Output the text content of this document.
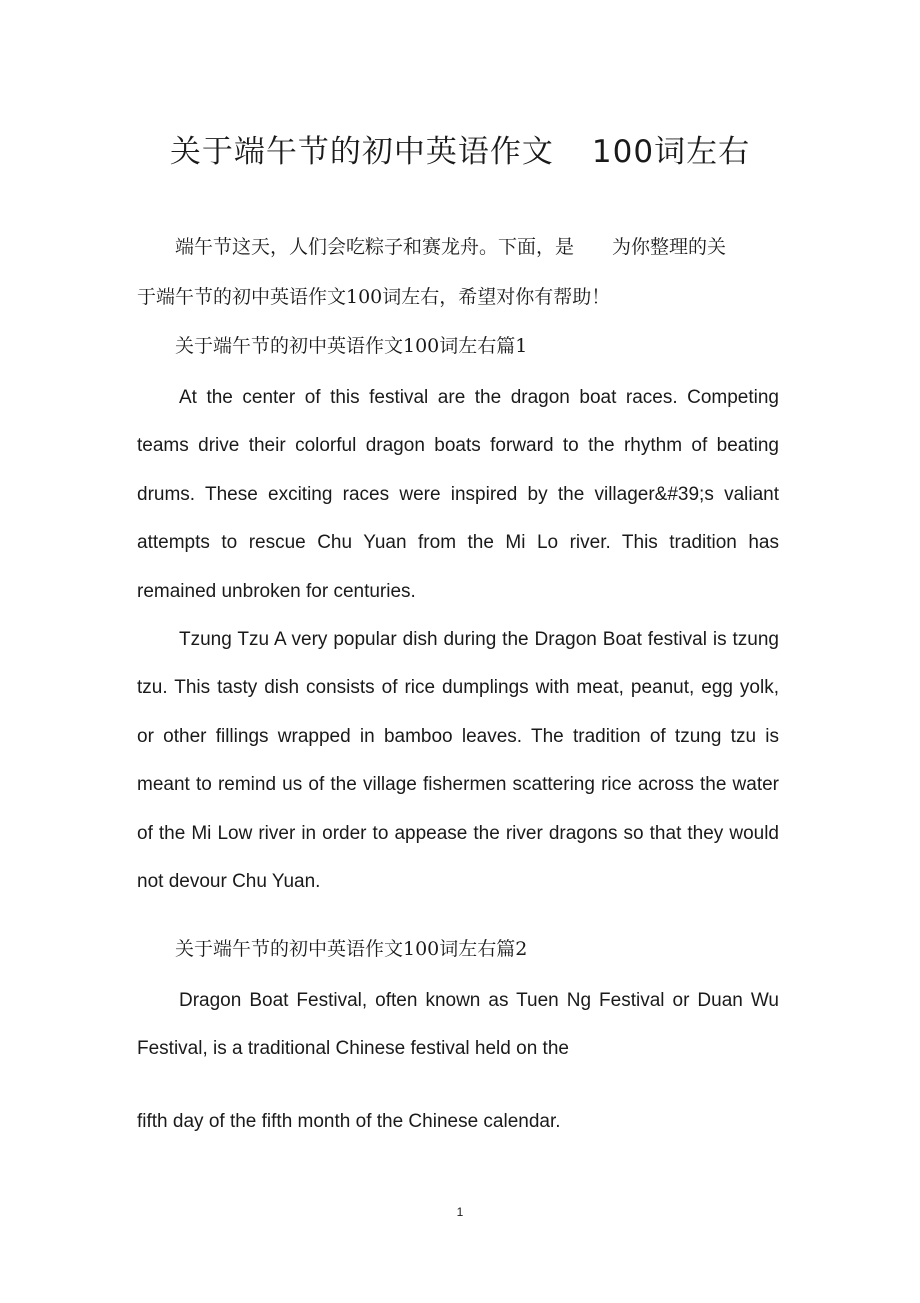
关于端午节的初中英语作文 100词左右
端午节这天，人们会吃粽子和赛龙舟。下面，是 为你整理的关
于端午节的初中英语作文100词左右，希望对你有帮助！
关于端午节的初中英语作文100词左右篇1
At the center of this festival are the dragon boat races. Competing teams drive their colorful dragon boats forward to the rhythm of beating drums. These exciting races were inspired by the villager&#39;s valiant attempts to rescue Chu Yuan from the Mi Lo river. This tradition has remained unbroken for centuries.
Tzung Tzu A very popular dish during the Dragon Boat festival is tzung tzu. This tasty dish consists of rice dumplings with meat, peanut, egg yolk, or other fillings wrapped in bamboo leaves. The tradition of tzung tzu is meant to remind us of the village fishermen scattering rice across the water of the Mi Low river in order to appease the river dragons so that they would not devour Chu Yuan.
关于端午节的初中英语作文100词左右篇2
Dragon Boat Festival, often known as Tuen Ng Festival or Duan Wu Festival, is a traditional Chinese festival held on the
fifth day of the fifth month of the Chinese calendar.
1
